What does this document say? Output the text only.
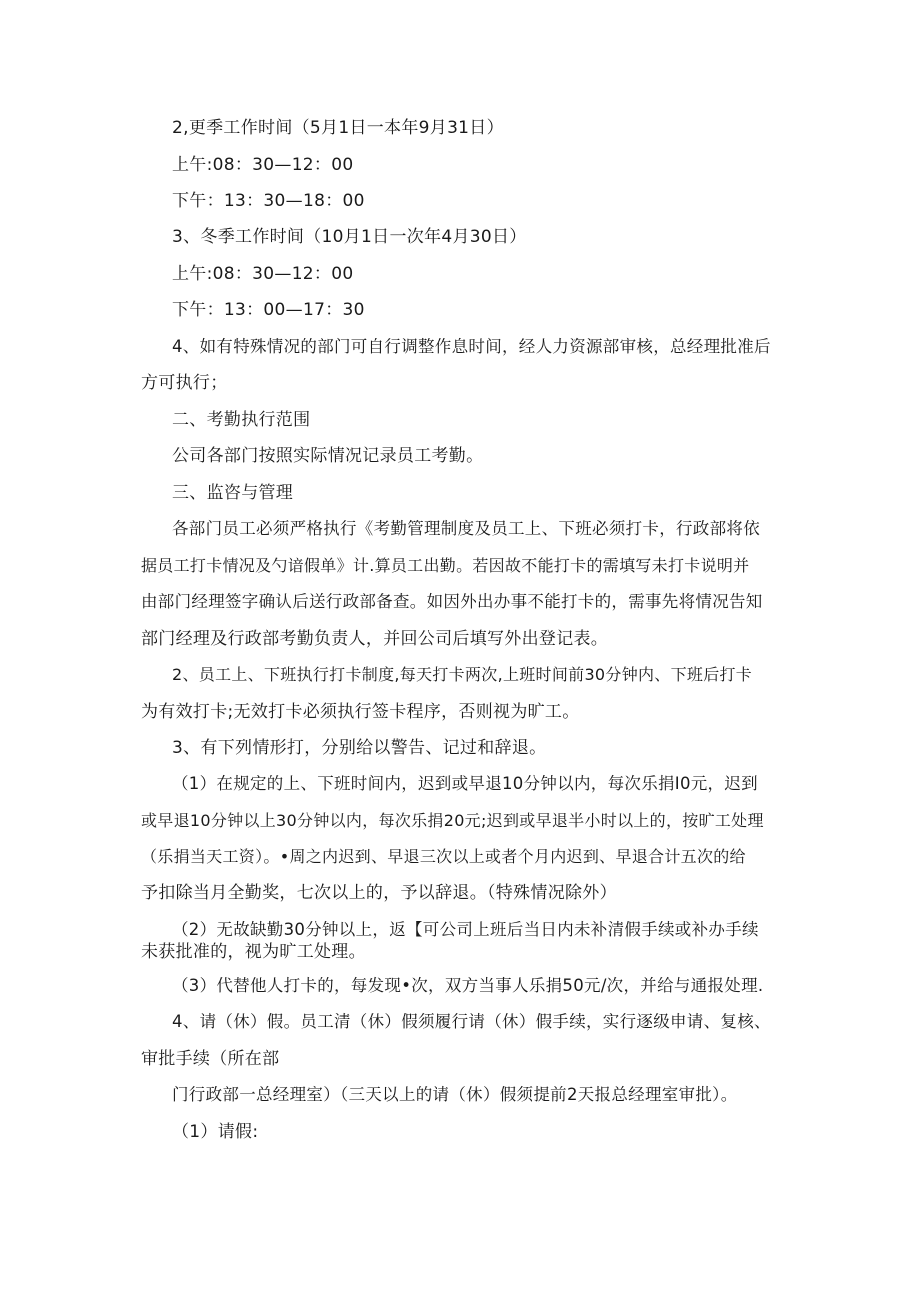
2,更季工作时间（5月1日一本年9月31日）
上午:08：30—12：00
下午：13：30—18：00
3、冬季工作时间（10月1日一次年4月30日）
上午:08：30—12：00
下午：13：00—17：30
4、如有特殊情况的部门可自行调整作息时间，经人力资源部审核，总经理批准后
方可执行；
二、考勤执行范围
公司各部门按照实际情况记录员工考勤。
三、监咨与管理
各部门员工必须严格执行《考勤管理制度及员工上、下班必须打卡，行政部将依
据员工打卡情况及勺谙假单》计.算员工出勤。若因故不能打卡的需填写未打卡说明并
由部门经理签字确认后送行政部备查。如因外出办事不能打卡的，需事先将情况告知
部门经理及行政部考勤负责人，并回公司后填写外出登记表。
2、员工上、下班执行打卡制度,每天打卡两次,上班时间前30分钟内、下班后打卡
为有效打卡;无效打卡必须执行签卡程序，否则视为旷工。
3、有下列情形打，分别给以警告、记过和辞退。
（1）在规定的上、下班时间内，迟到或早退10分钟以内，每次乐捐I0元，迟到
或早退10分钟以上30分钟以内，每次乐捐20元;迟到或早退半小时以上的，按旷工处理
（乐捐当天工资）。•周之内迟到、早退三次以上或者个月内迟到、早退合计五次的给
予扣除当月全勤奖，七次以上的，予以辞退。（特殊情况除外）
（2）无故缺勤30分钟以上，返【可公司上班后当日内未补清假手续或补办手续
未获批准的，视为旷工处理。
（3）代替他人打卡的，每发现•次，双方当事人乐捐50元/次，并给与通报处理.
4、请（休）假。员工清（休）假须履行请（休）假手续，实行逐级申请、复核、
审批手续（所在部
门行政部一总经理室）（三天以上的请（休）假须提前2天报总经理室审批）。
（1）请假:
